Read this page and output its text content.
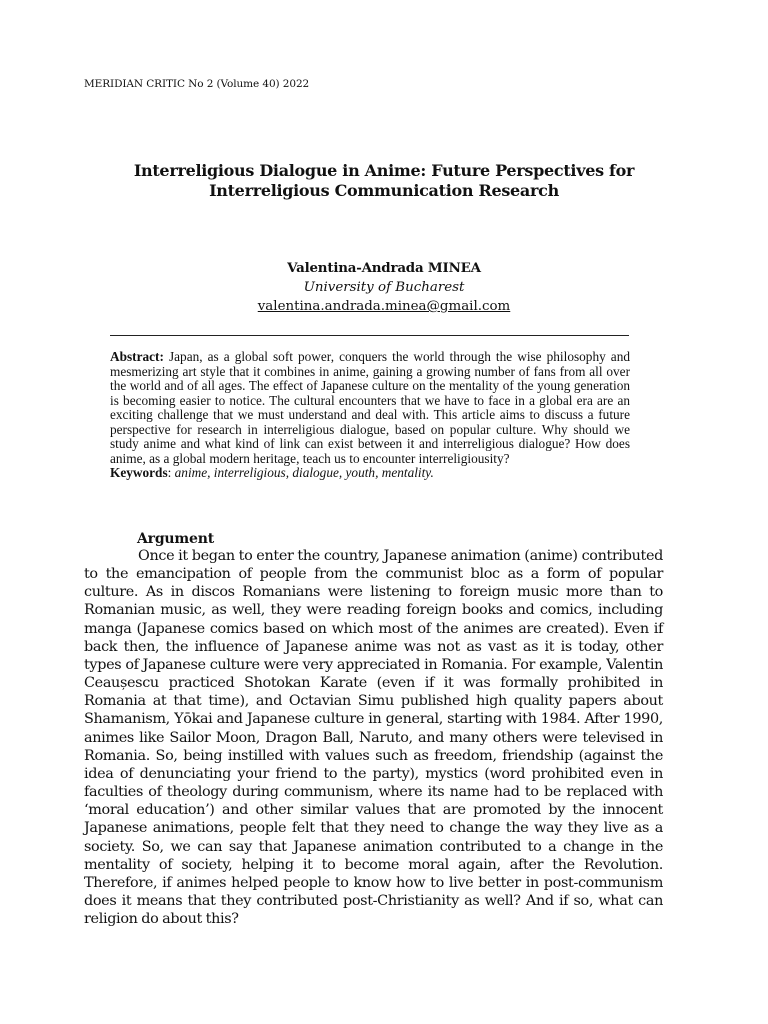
MERIDIAN CRITIC No 2 (Volume 40) 2022
Interreligious Dialogue in Anime: Future Perspectives for
Interreligious Communication Research
Valentina-Andrada MINEA
University of Bucharest
valentina.andrada.minea@gmail.com
Abstract: Japan, as a global soft power, conquers the world through the wise philosophy and mesmerizing art style that it combines in anime, gaining a growing number of fans from all over the world and of all ages. The effect of Japanese culture on the mentality of the young generation is becoming easier to notice. The cultural encounters that we have to face in a global era are an exciting challenge that we must understand and deal with. This article aims to discuss a future perspective for research in interreligious dialogue, based on popular culture. Why should we study anime and what kind of link can exist between it and interreligious dialogue? How does anime, as a global modern heritage, teach us to encounter interreligiousity?
Keywords: anime, interreligious, dialogue, youth, mentality.
Argument
Once it began to enter the country, Japanese animation (anime) contributed to the emancipation of people from the communist bloc as a form of popular culture. As in discos Romanians were listening to foreign music more than to Romanian music, as well, they were reading foreign books and comics, including manga (Japanese comics based on which most of the animes are created). Even if back then, the influence of Japanese anime was not as vast as it is today, other types of Japanese culture were very appreciated in Romania. For example, Valentin Ceaușescu practiced Shotokan Karate (even if it was formally prohibited in Romania at that time), and Octavian Simu published high quality papers about Shamanism, Yōkai and Japanese culture in general, starting with 1984. After 1990, animes like Sailor Moon, Dragon Ball, Naruto, and many others were televised in Romania. So, being instilled with values such as freedom, friendship (against the idea of denunciating your friend to the party), mystics (word prohibited even in faculties of theology during communism, where its name had to be replaced with ‘moral education’) and other similar values that are promoted by the innocent Japanese animations, people felt that they need to change the way they live as a society. So, we can say that Japanese animation contributed to a change in the mentality of society, helping it to become moral again, after the Revolution. Therefore, if animes helped people to know how to live better in post-communism does it means that they contributed post-Christianity as well? And if so, what can religion do about this?
